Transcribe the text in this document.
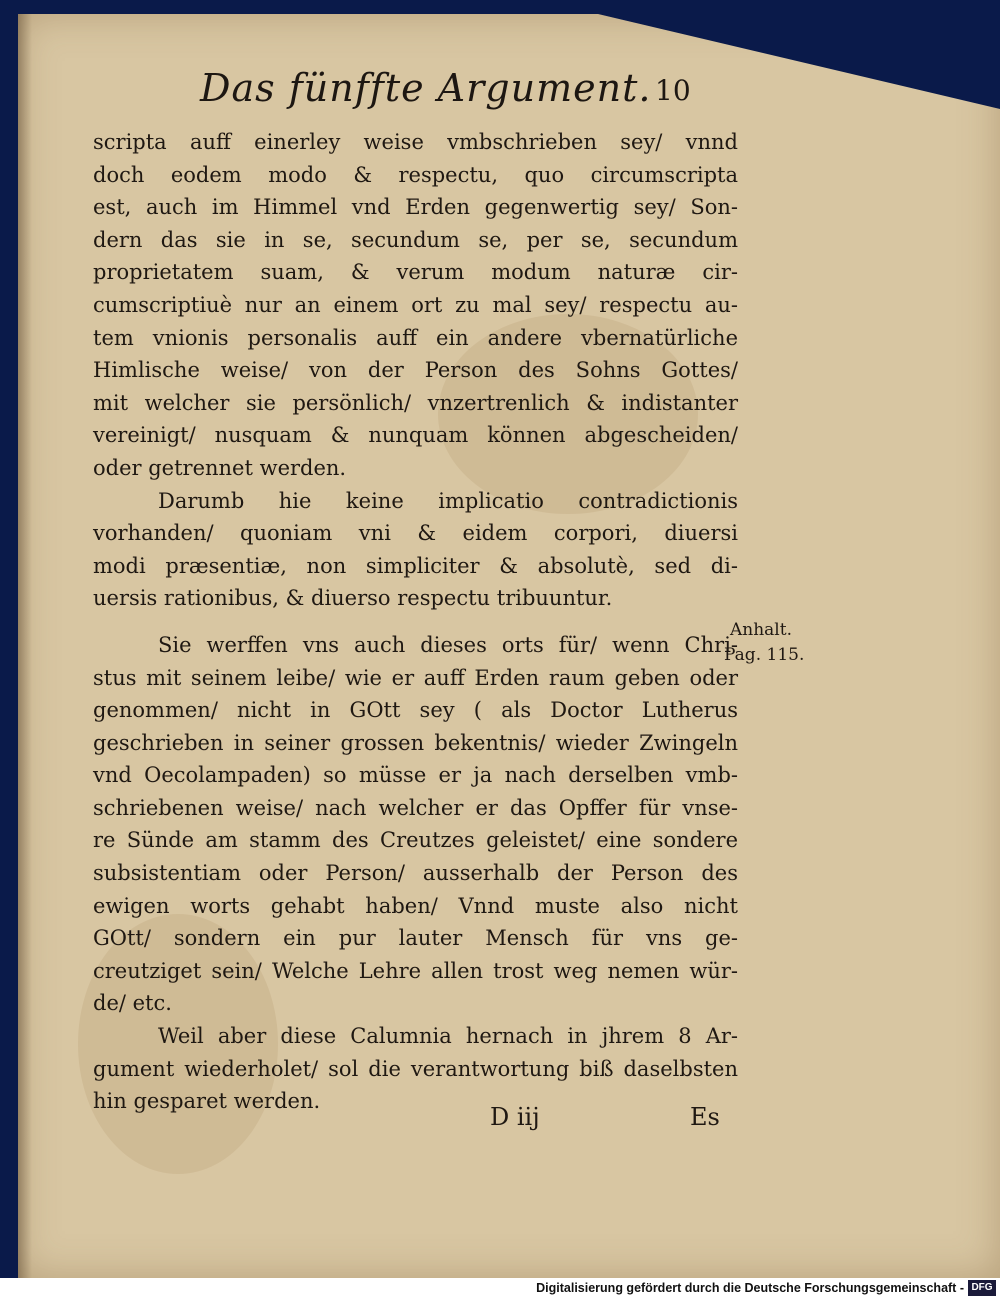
Das fünffte Argument. 10
scripta auff einerley weise vmbschrieben sey/ vnnd
doch eodem modo & respectu, quo circumscripta
est, auch im Himmel vnd Erden gegenwertig sey/ Son-
dern das sie in se, secundum se, per se, secundum
proprietatem suam, & verum modum naturæ cir-
cumscriptiuè nur an einem ort zu mal sey/ respectu au-
tem vnionis personalis auff ein andere vbernatürliche
Himlische weise/ von der Person des Sohns Gottes/
mit welcher sie persönlich/ vnzertrenlich & indistanter
vereinigt/ nusquam & nunquam können abgescheiden/
oder getrennet werden.
Darumb hie keine implicatio contradictionis
vorhanden/ quoniam vni & eidem corpori, diuersi
modi præsentiæ, non simpliciter & absolutè, sed di-
uersis rationibus, & diuerso respectu tribuuntur.
Sie werffen vns auch dieses orts für/ wenn Chri-
stus mit seinem leibe/ wie er auff Erden raum geben oder
genommen/ nicht in GOtt sey ( als Doctor Lutherus
geschrieben in seiner grossen bekentnis/ wieder Zwingeln
vnd Oecolampaden) so müsse er ja nach derselben vmb-
schriebenen weise/ nach welcher er das Opffer für vnse-
re Sünde am stamm des Creutzes geleistet/ eine sondere
subsistentiam oder Person/ ausserhalb der Person des
ewigen worts gehabt haben/ Vnnd muste also nicht
GOtt/ sondern ein pur lauter Mensch für vns ge-
creutziget sein/ Welche Lehre allen trost weg nemen wür-
de/ etc.
Weil aber diese Calumnia hernach in jhrem 8 Ar-
gument wiederholet/ sol die verantwortung biß daselbsten
hin gesparet werden.
Anhalt.
Pag. 115.
D iij	Es
Digitalisierung gefördert durch die Deutsche Forschungsgemeinschaft - DFG
